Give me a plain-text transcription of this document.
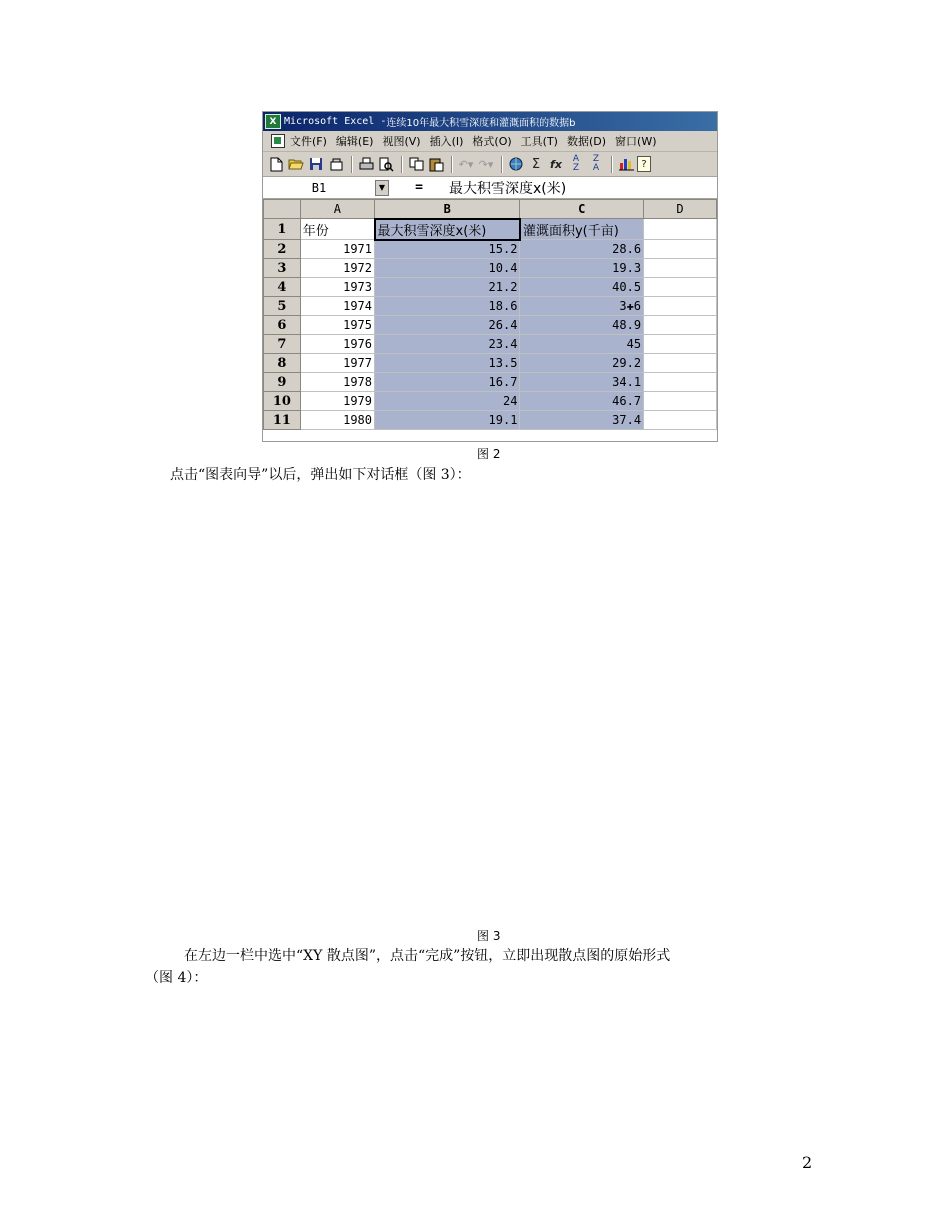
X Microsoft Excel - 连续10年最大积雪深度和灌溉面积的数据b
文件(F) 编辑(E) 视图(V) 插入(I) 格式(O) 工具(T) 数据(D) 窗口(W)
↶▾ ↷▾	Σ fx	A
Z
Z
A	?
B1	▼	=	最大积雪深度x(米)
	A	B	C	D
1	年份	最大积雪深度x(米)	灌溉面积y(千亩)	
2	1971	15.2	28.6	
3	1972	10.4	19.3	
4	1973	21.2	40.5	
5	1974	18.6	3✚6	
6	1975	26.4	48.9	
7	1976	23.4	45	
8	1977	13.5	29.2	
9	1978	16.7	34.1	
10	1979	24	46.7	
11	1980	19.1	37.4	
图 2
点击“图表向导”以后，弹出如下对话框（图 3）：
图 3
在左边一栏中选中“XY 散点图”，点击“完成”按钮，立即出现散点图的原始形式
（图 4）：
2
